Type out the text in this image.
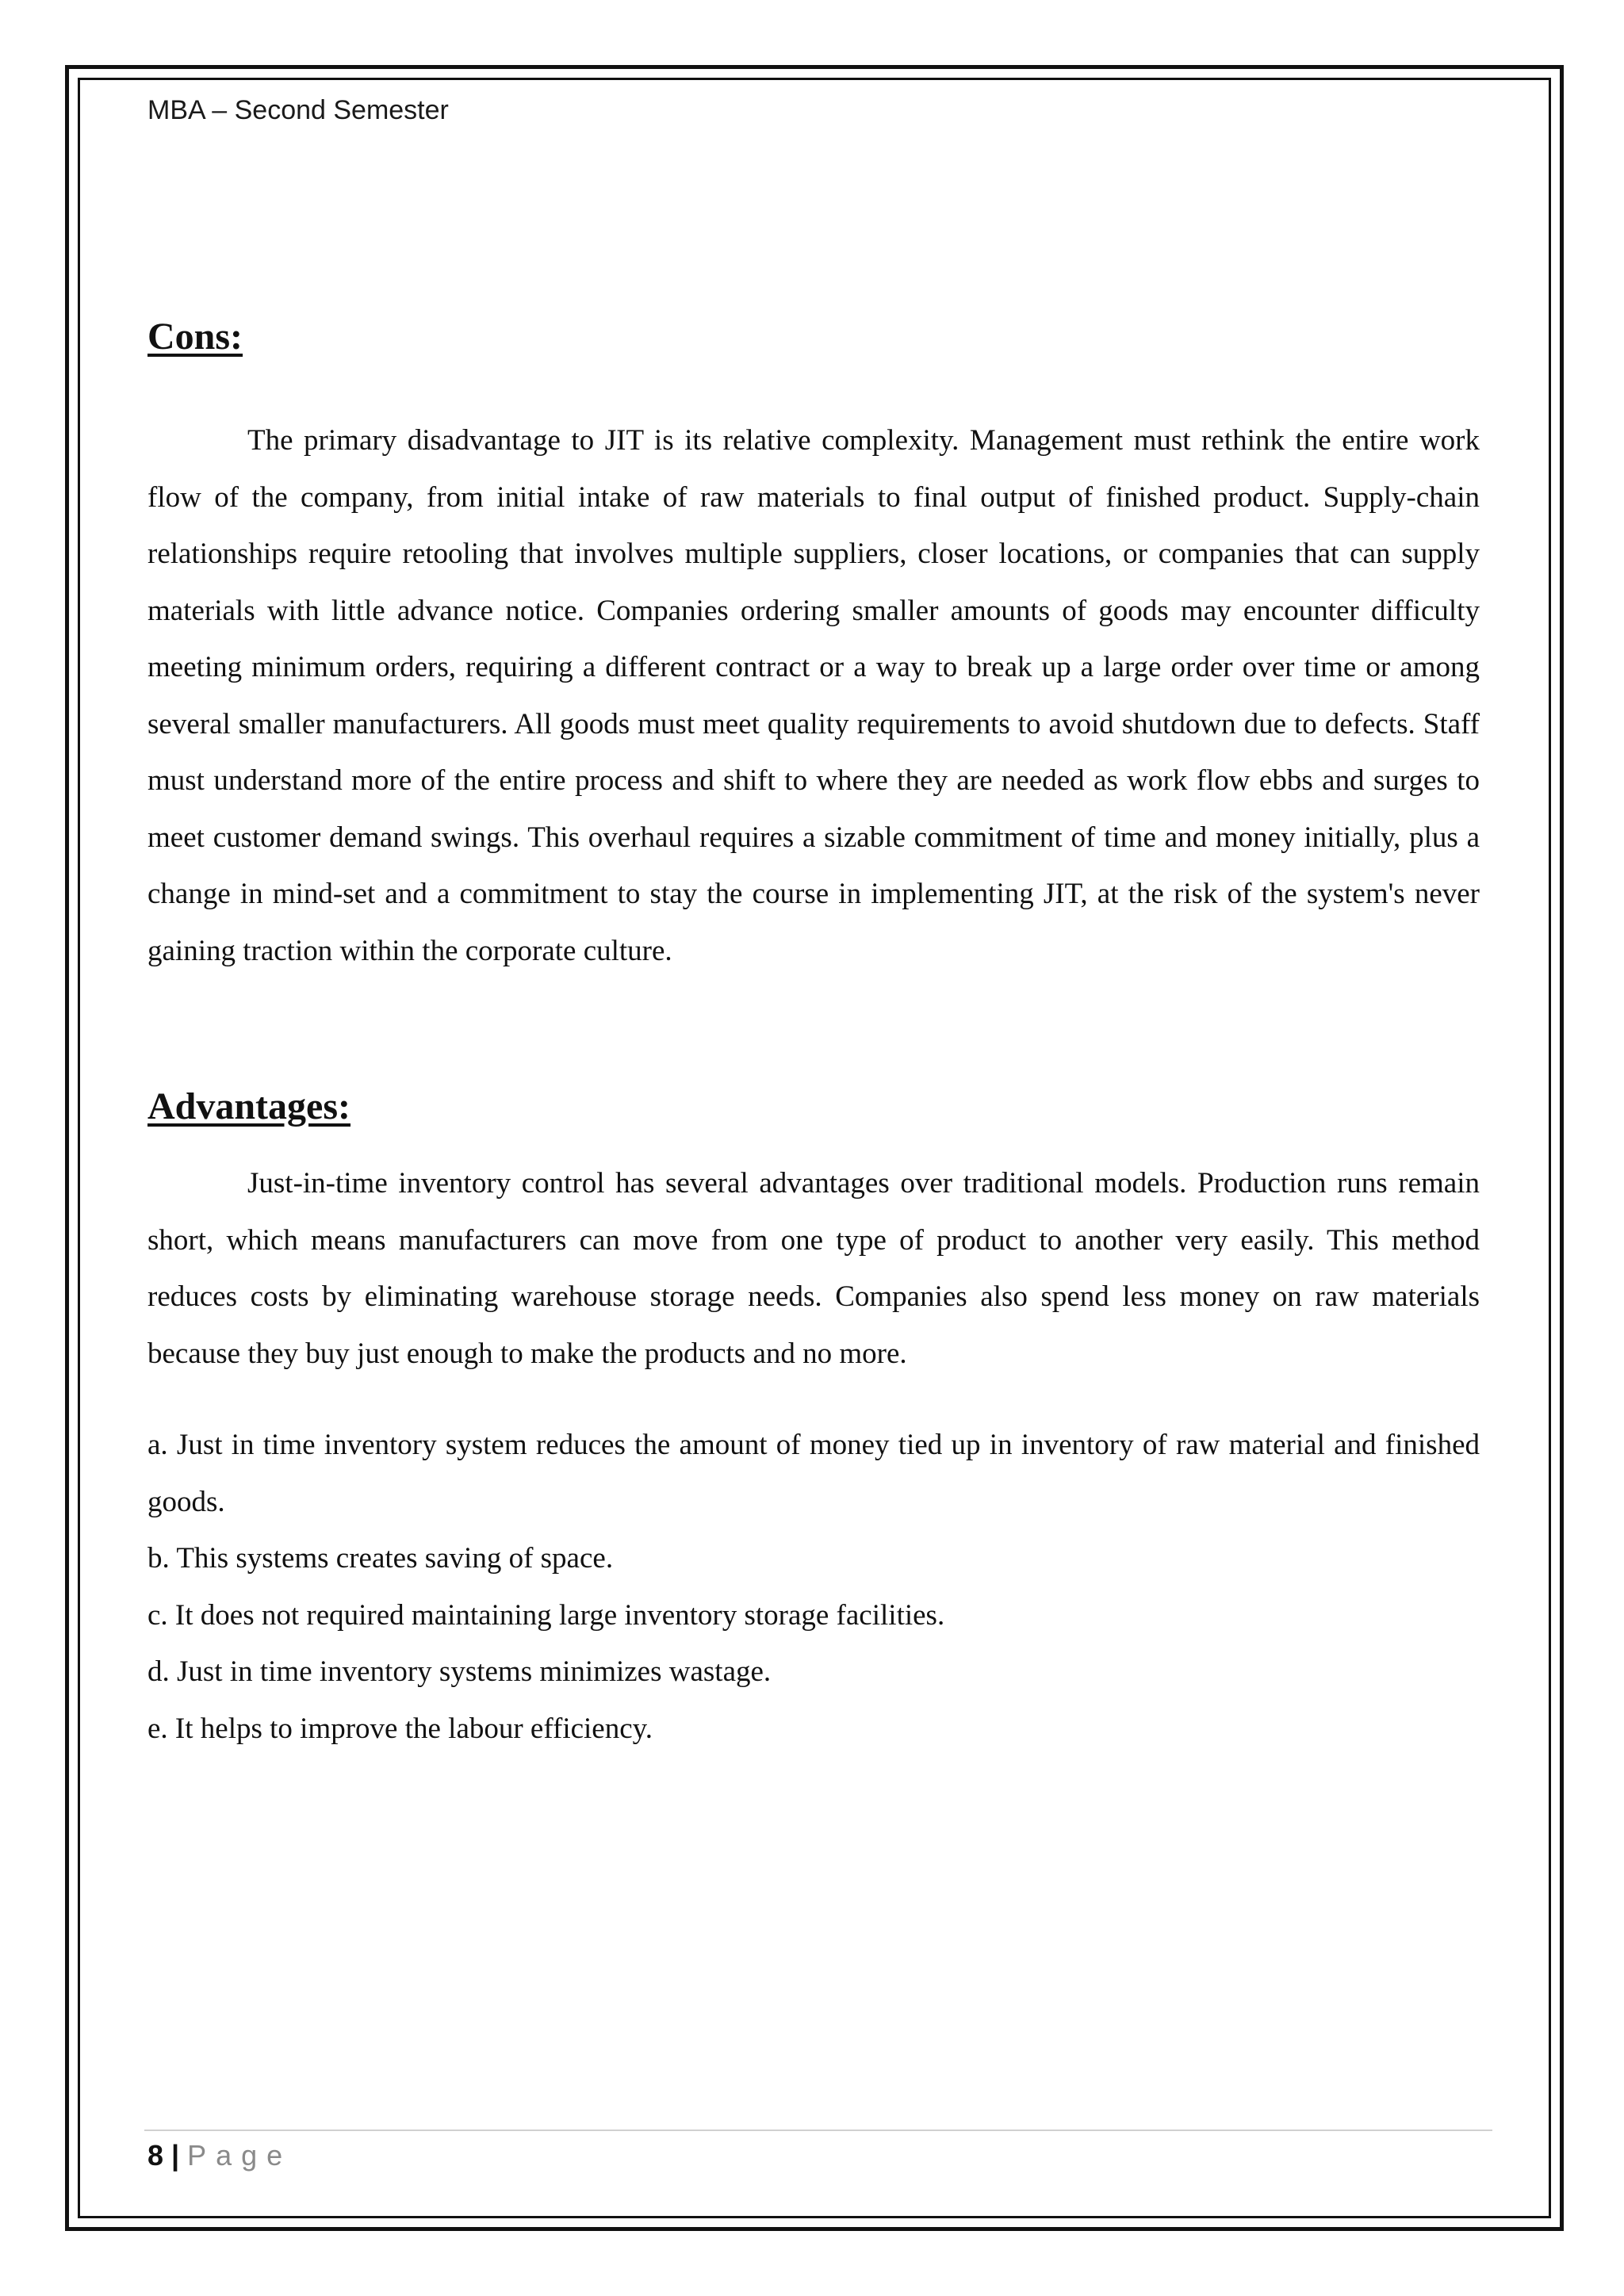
MBA – Second Semester
Cons:

The primary disadvantage to JIT is its relative complexity. Management must rethink the entire work flow of the company, from initial intake of raw materials to final output of finished product. Supply-chain relationships require retooling that involves multiple suppliers, closer locations, or companies that can supply materials with little advance notice. Companies ordering smaller amounts of goods may encounter difficulty meeting minimum orders, requiring a different contract or a way to break up a large order over time or among several smaller manufacturers. All goods must meet quality requirements to avoid shutdown due to defects. Staff must understand more of the entire process and shift to where they are needed as work flow ebbs and surges to meet customer demand swings. This overhaul requires a sizable commitment of time and money initially, plus a change in mind-set and a commitment to stay the course in implementing JIT, at the risk of the system's never gaining traction within the corporate culture.

Advantages:

Just-in-time inventory control has several advantages over traditional models. Production runs remain short, which means manufacturers can move from one type of product to another very easily. This method reduces costs by eliminating warehouse storage needs. Companies also spend less money on raw materials because they buy just enough to make the products and no more.

a. Just in time inventory system reduces the amount of money tied up in inventory of raw material and finished goods.
b. This systems creates saving of space.
c. It does not required maintaining large inventory storage facilities.
d. Just in time inventory systems minimizes wastage.
e. It helps to improve the labour efficiency.
8 | Page
